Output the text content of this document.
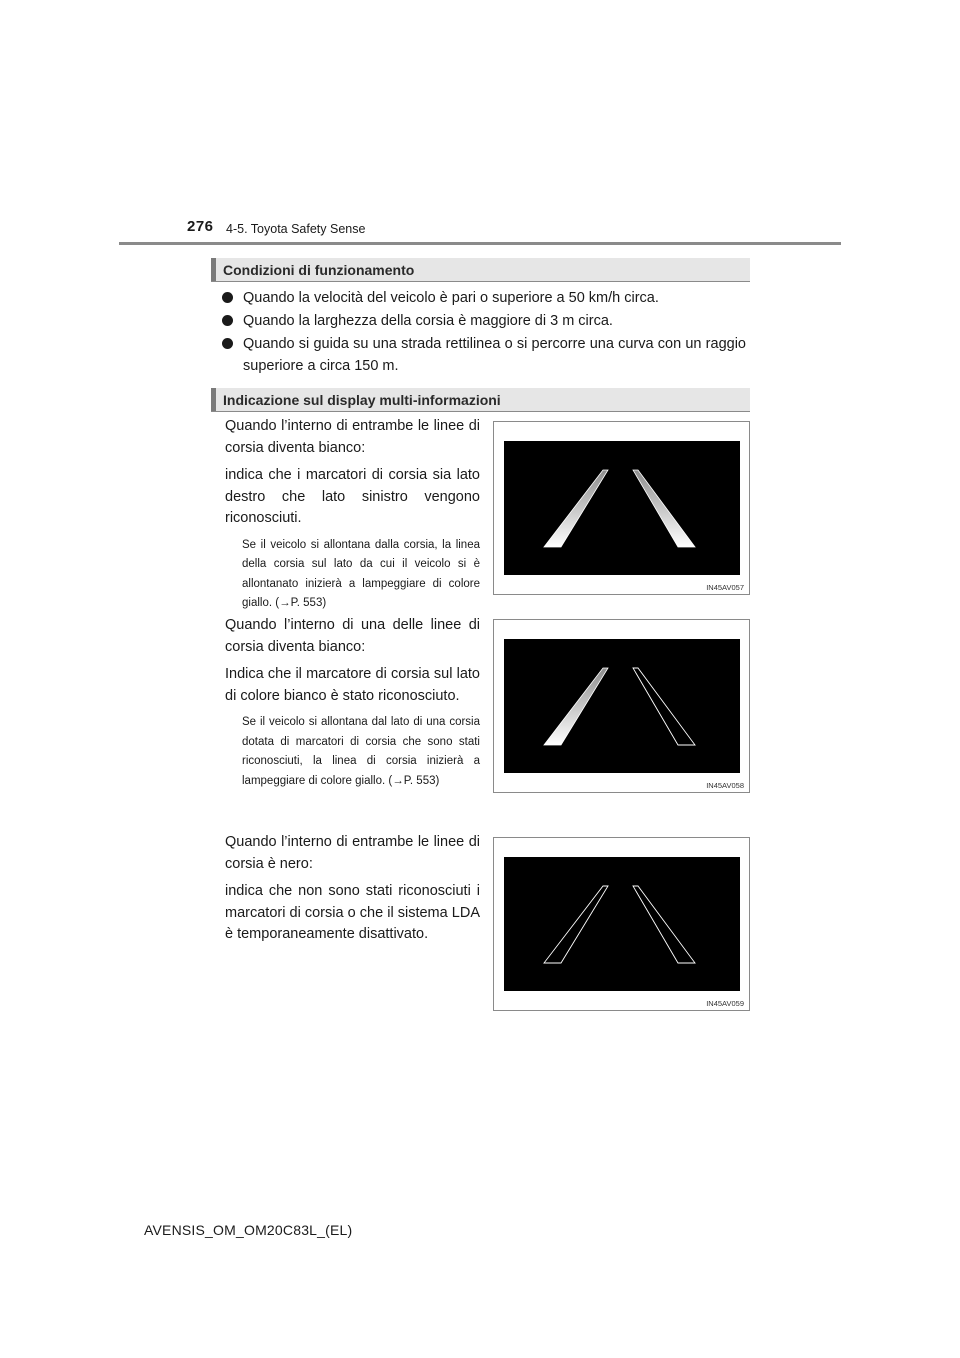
276 4-5. Toyota Safety Sense
Condizioni di funzionamento
Quando la velocità del veicolo è pari o superiore a 50 km/h circa.
Quando la larghezza della corsia è maggiore di 3 m circa.
Quando si guida su una strada rettilinea o si percorre una curva con un raggio superiore a circa 150 m.
Indicazione sul display multi-informazioni

Quando l’interno di entrambe le linee di corsia diventa bianco:

indica che i marcatori di corsia sia lato destro che lato sinistro vengono riconosciuti.

Se il veicolo si allontana dalla corsia, la linea della corsia sul lato da cui il veicolo si è allontanato inizierà a lampeggiare di colore giallo. (→P. 553)
IN45AV057

Quando l’interno di una delle linee di corsia diventa bianco:

Indica che il marcatore di corsia sul lato di colore bianco è stato riconosciuto.

Se il veicolo si allontana dal lato di una corsia dotata di marcatori di corsia che sono stati riconosciuti, la linea di corsia inizierà a lampeggiare di colore giallo. (→P. 553)	IN45AV058

Quando l’interno di entrambe le linee di corsia è nero:

indica che non sono stati riconosciuti i marcatori di corsia o che il sistema LDA è temporaneamente disattivato.

IN45AV059
AVENSIS_OM_OM20C83L_(EL)
